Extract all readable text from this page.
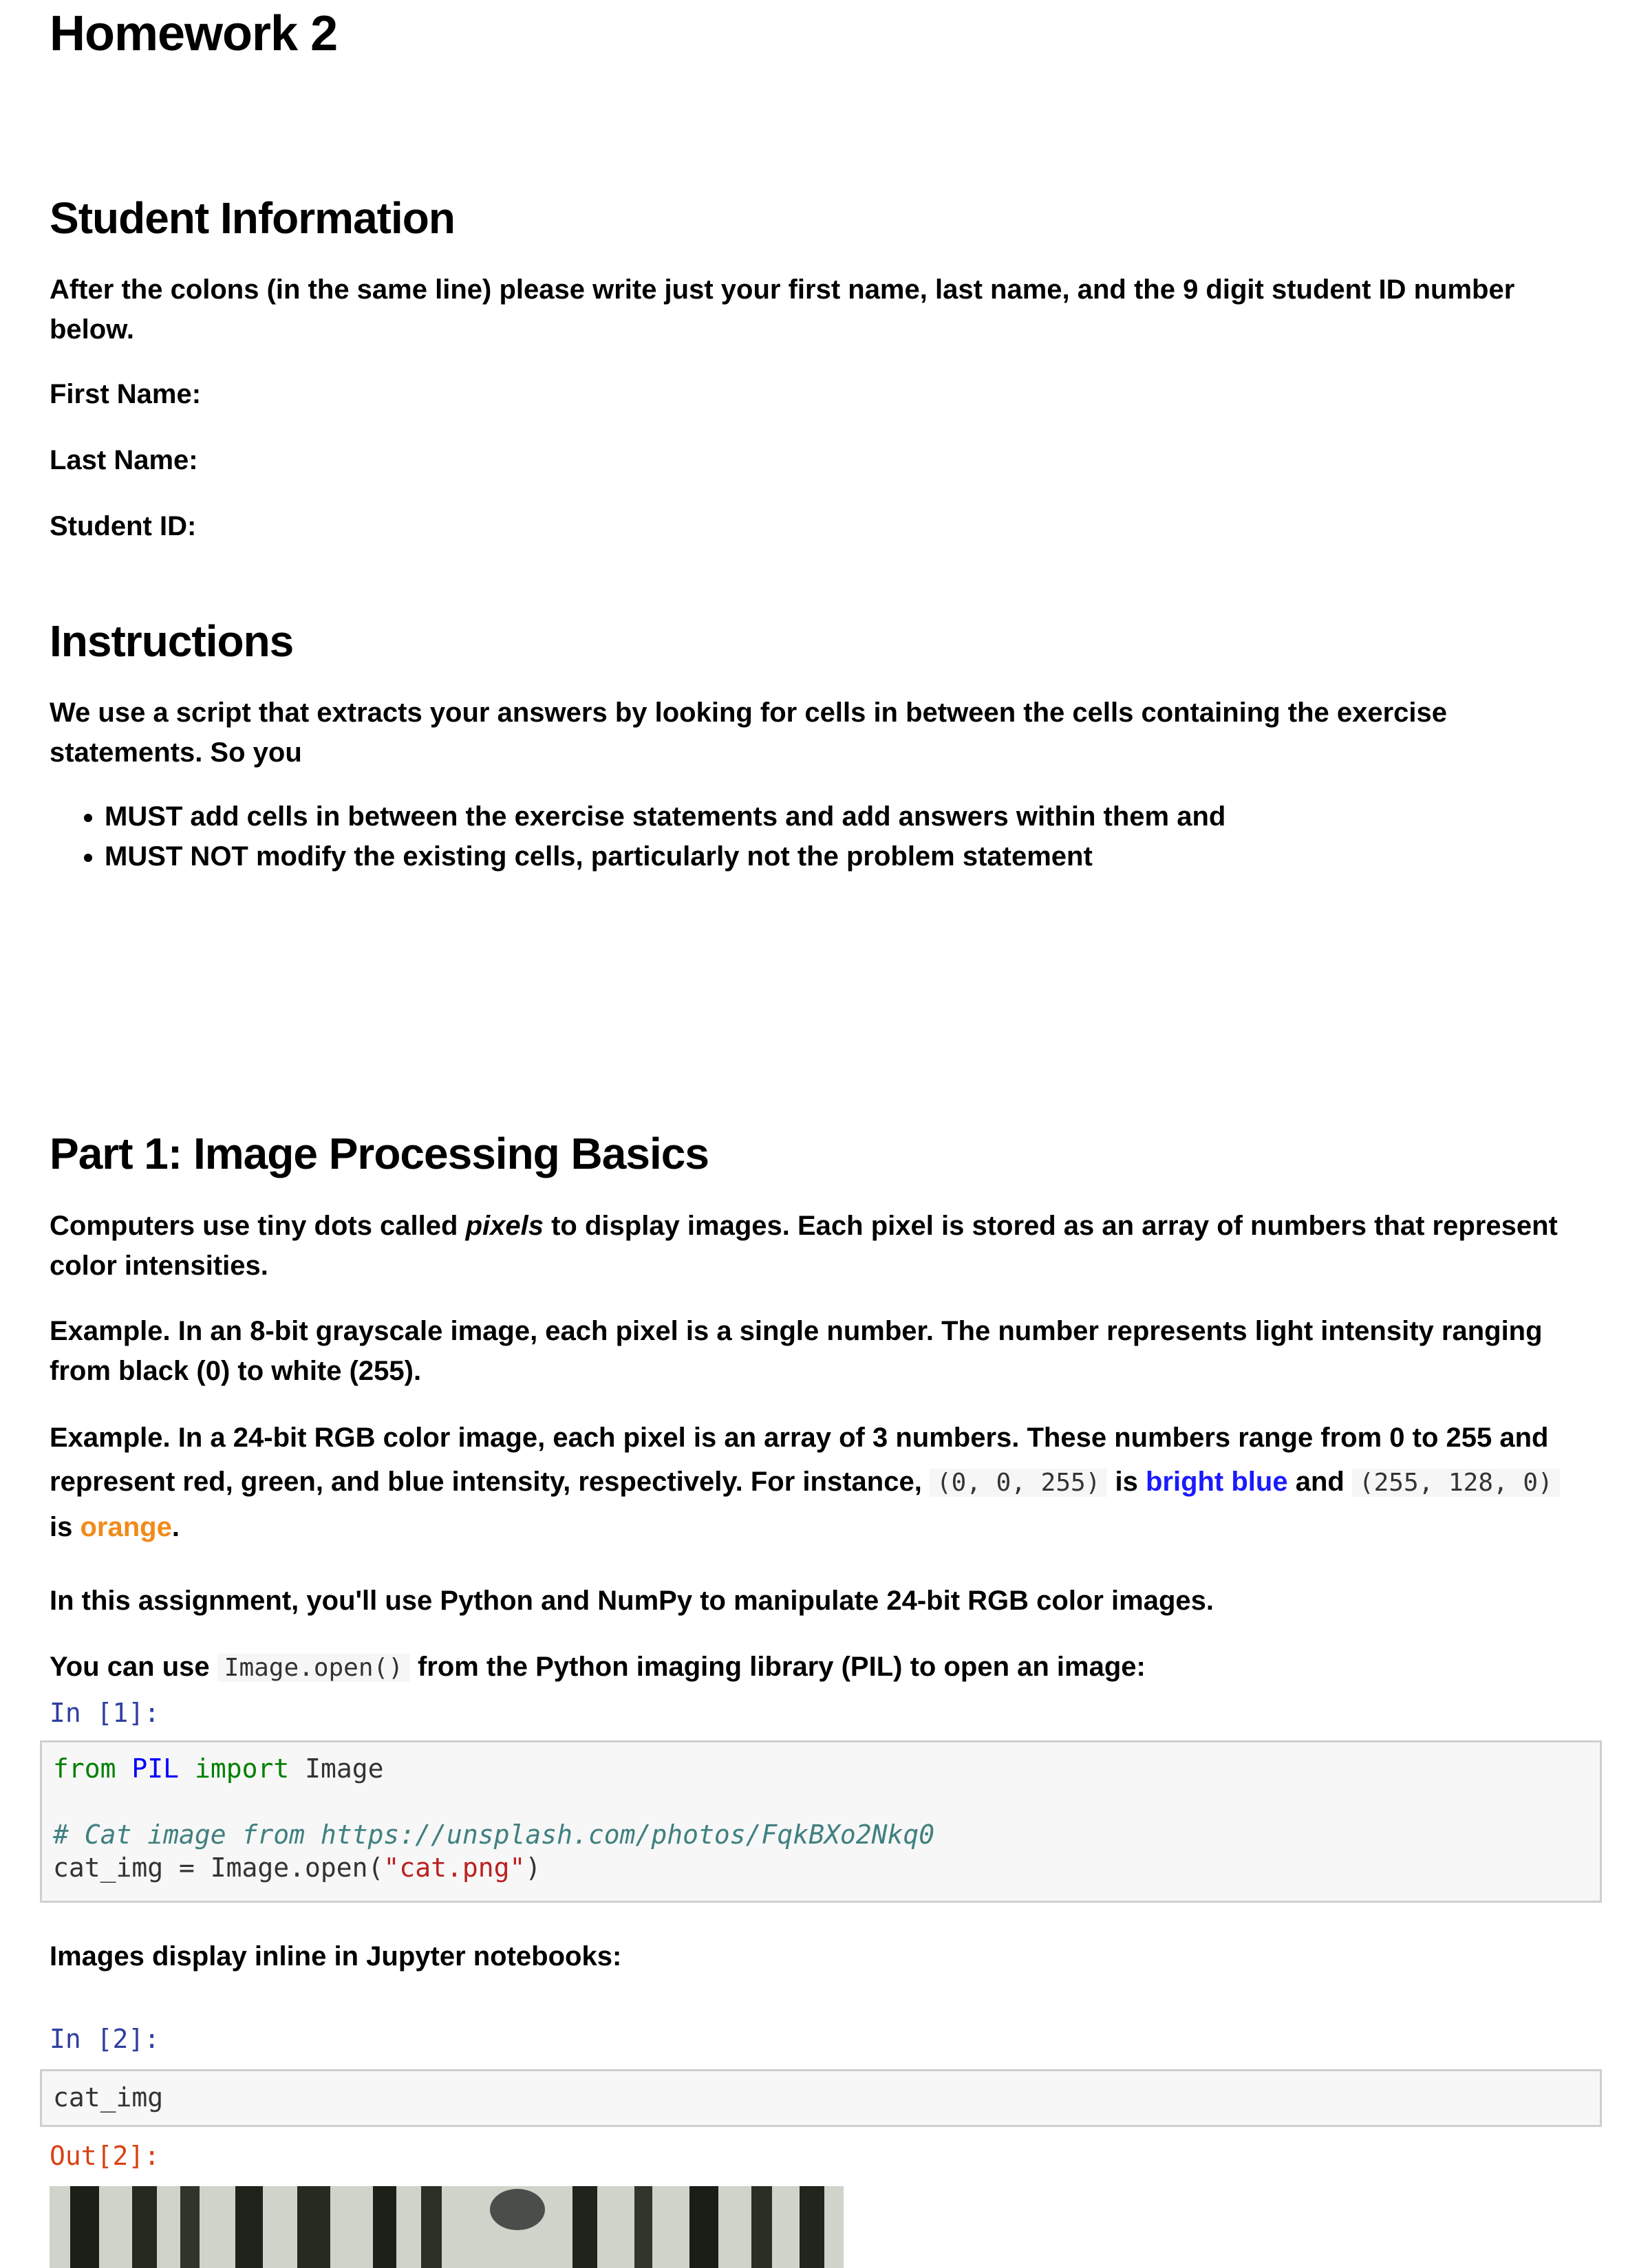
Homework 2
Student Information

After the colons (in the same line) please write just your first name, last name, and the 9 digit student ID number below.

First Name:

Last Name:

Student ID:

Instructions

We use a script that extracts your answers by looking for cells in between the cells containing the exercise statements. So you

• MUST add cells in between the exercise statements and add answers within them and
• MUST NOT modify the existing cells, particularly not the problem statement
Part 1: Image Processing Basics

Computers use tiny dots called pixels to display images. Each pixel is stored as an array of numbers that represent color intensities.

Example. In an 8-bit grayscale image, each pixel is a single number. The number represents light intensity ranging from black (0) to white (255).

Example. In a 24-bit RGB color image, each pixel is an array of 3 numbers. These numbers range from 0 to 255 and represent red, green, and blue intensity, respectively. For instance, (0, 0, 255) is bright blue and (255, 128, 0) is orange.

In this assignment, you'll use Python and NumPy to manipulate 24-bit RGB color images.

You can use Image.open() from the Python imaging library (PIL) to open an image:

In [1]:
from PIL import Image

# Cat image from https://unsplash.com/photos/FqkBXo2Nkq0
cat_img = Image.open("cat.png")

Images display inline in Jupyter notebooks:

In [2]:
cat_img
Out[2]:
